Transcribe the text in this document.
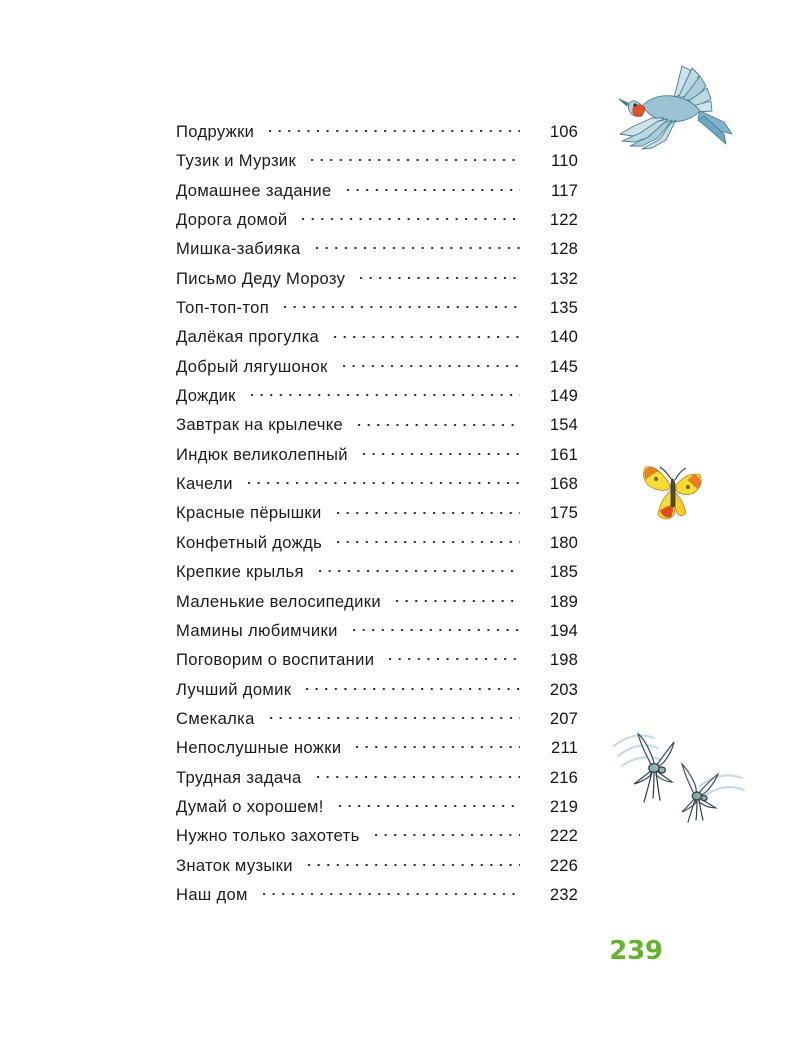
Подружки	106
Тузик и Мурзик	110
Домашнее задание	117
Дорога домой	122
Мишка-забияка	128
Письмо Деду Морозу	132
Топ-топ-топ	135
Далёкая прогулка	140
Добрый лягушонок	145
Дождик	149
Завтрак на крылечке	154
Индюк великолепный	161
Качели	168
Красные пёрышки	175
Конфетный дождь	180
Крепкие крылья	185
Маленькие велосипедики	189
Мамины любимчики	194
Поговорим о воспитании	198
Лучший домик	203
Смекалка	207
Непослушные ножки	211
Трудная задача	216
Думай о хорошем!	219
Нужно только захотеть	222
Знаток музыки	226
Наш дом	232
239
